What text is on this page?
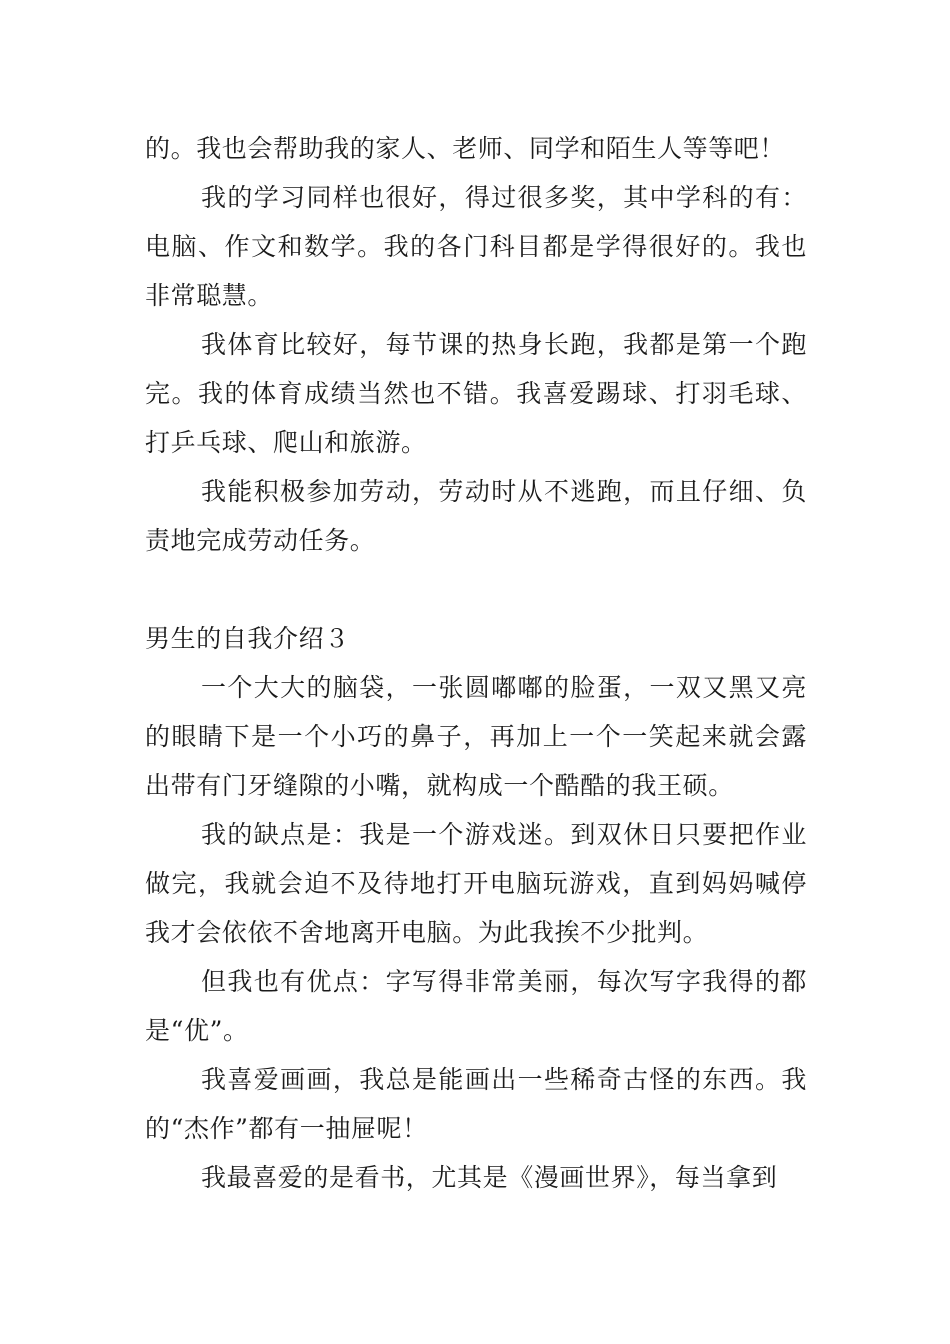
的。我也会帮助我的家人、老师、同学和陌生人等等吧！

我的学习同样也很好，得过很多奖，其中学科的有：电脑、作文和数学。我的各门科目都是学得很好的。我也非常聪慧。

我体育比较好，每节课的热身长跑，我都是第一个跑完。我的体育成绩当然也不错。我喜爱踢球、打羽毛球、打乒乓球、爬山和旅游。

我能积极参加劳动，劳动时从不逃跑，而且仔细、负责地完成劳动任务。

男生的自我介绍３

一个大大的脑袋，一张圆嘟嘟的脸蛋，一双又黑又亮的眼睛下是一个小巧的鼻子，再加上一个一笑起来就会露出带有门牙缝隙的小嘴，就构成一个酷酷的我王硕。

我的缺点是：我是一个游戏迷。到双休日只要把作业做完，我就会迫不及待地打开电脑玩游戏，直到妈妈喊停我才会依依不舍地离开电脑。为此我挨不少批判。

但我也有优点：字写得非常美丽，每次写字我得的都是“优”。

我喜爱画画，我总是能画出一些稀奇古怪的东西。我的“杰作”都有一抽屉呢！

我最喜爱的是看书，尤其是《漫画世界》，每当拿到
